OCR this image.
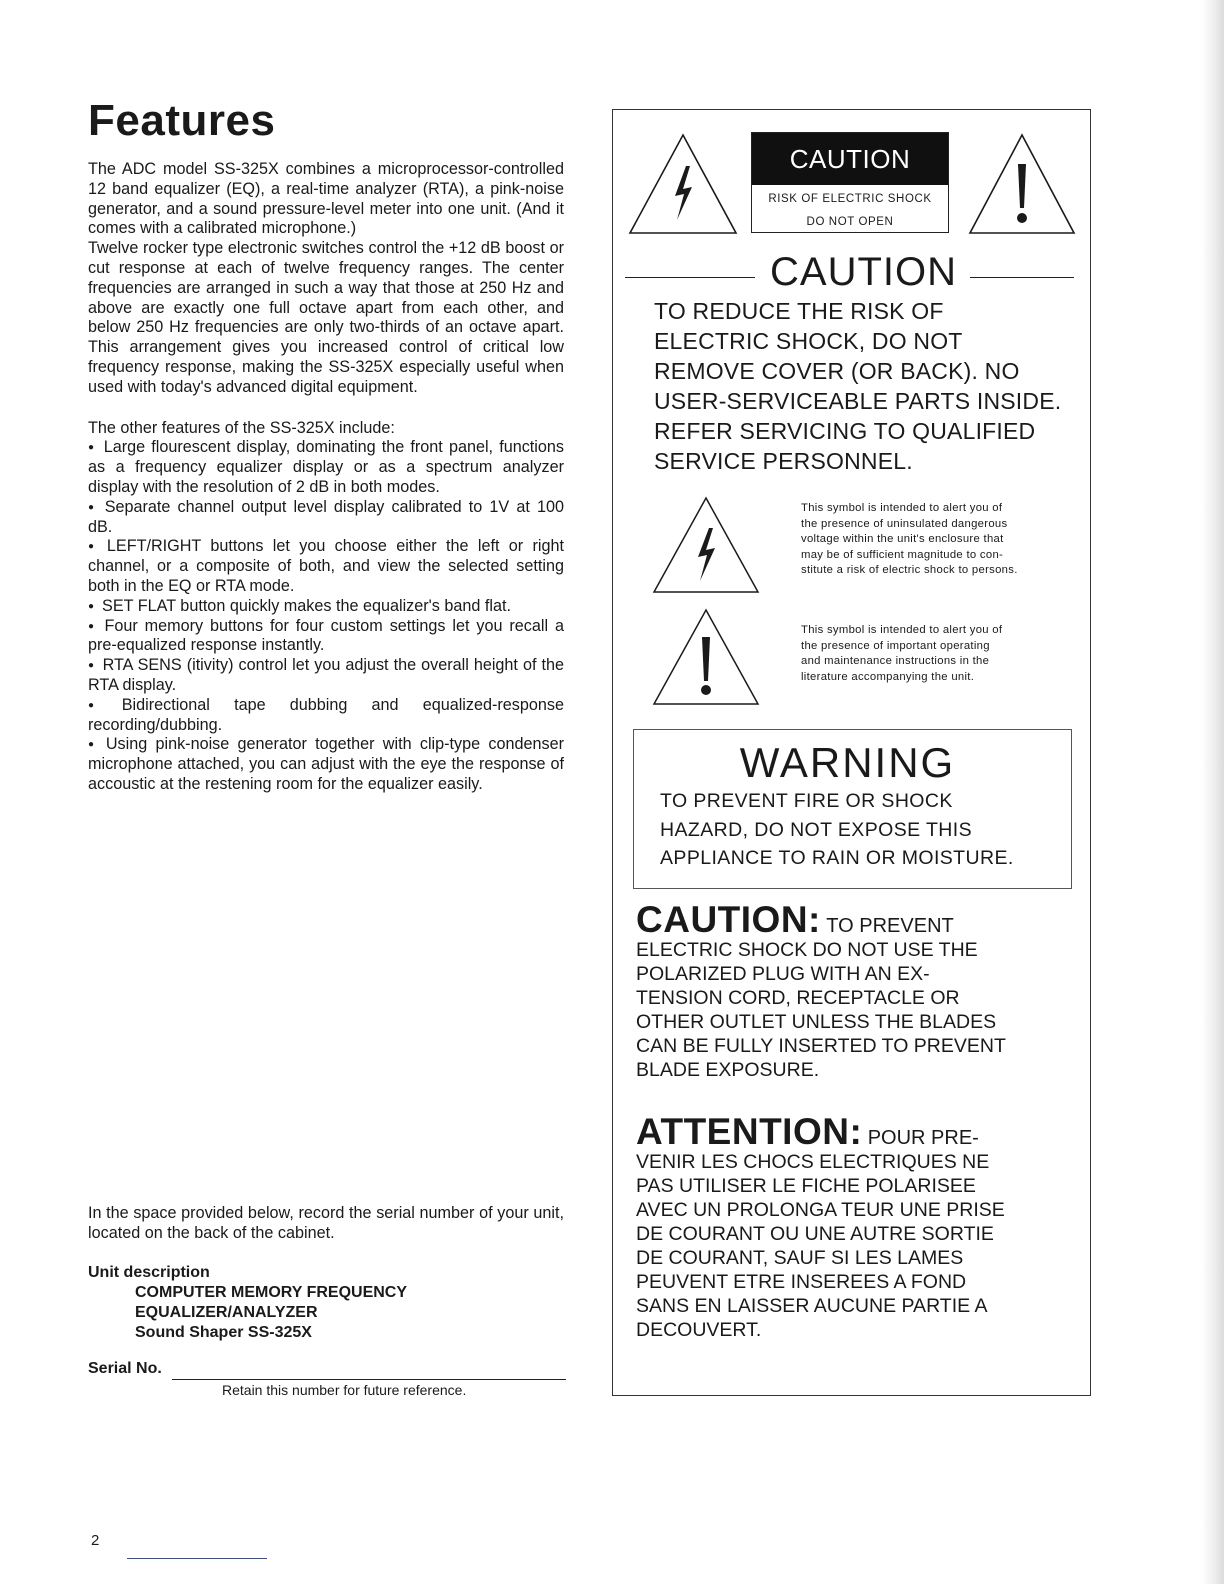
Features

The ADC model SS-325X combines a microprocessor-controlled 12 band equalizer (EQ), a real-time analyzer (RTA), a pink-noise generator, and a sound pressure-level meter into one unit. (And it comes with a calibrated microphone.)

Twelve rocker type electronic switches control the +12 dB boost or cut response at each of twelve frequency ranges. The center frequencies are arranged in such a way that those at 250 Hz and above are exactly one full octave apart from each other, and below 250 Hz frequencies are only two-thirds of an octave apart. This arrangement gives you increased control of critical low frequency response, making the SS-325X especially useful when used with today's advanced digital equipment.

The other features of the SS-325X include:

● Large flourescent display, dominating the front panel, functions as a frequency equalizer display or as a spectrum analyzer display with the resolution of 2 dB in both modes.

● Separate channel output level display calibrated to 1V at 100 dB.

● LEFT/RIGHT buttons let you choose either the left or right channel, or a composite of both, and view the selected setting both in the EQ or RTA mode.

● SET FLAT button quickly makes the equalizer's band flat.

● Four memory buttons for four custom settings let you recall a pre-equalized response instantly.

● RTA SENS (itivity) control let you adjust the overall height of the RTA display.

● Bidirectional tape dubbing and equalized-response recording/dubbing.

● Using pink-noise generator together with clip-type condenser microphone attached, you can adjust with the eye the response of accoustic at the restening room for the equalizer easily.

In the space provided below, record the serial number of your unit, located on the back of the cabinet.

Unit description
COMPUTER MEMORY FREQUENCY
EQUALIZER/ANALYZER
Sound Shaper SS-325X
Serial No.
Retain this number for future reference.
2
CAUTION
RISK OF ELECTRIC SHOCK
DO NOT OPEN
CAUTION
TO REDUCE THE RISK OF
ELECTRIC SHOCK, DO NOT
REMOVE COVER (OR BACK). NO
USER-SERVICEABLE PARTS INSIDE.
REFER SERVICING TO QUALIFIED
SERVICE PERSONNEL.
This symbol is intended to alert you of
the presence of uninsulated dangerous
voltage within the unit's enclosure that
may be of sufficient magnitude to con-
stitute a risk of electric shock to persons.
This symbol is intended to alert you of
the presence of important operating
and maintenance instructions in the
literature accompanying the unit.
WARNING
TO PREVENT FIRE OR SHOCK
HAZARD, DO NOT EXPOSE THIS
APPLIANCE TO RAIN OR MOISTURE.
CAUTION: TO PREVENT
ELECTRIC SHOCK DO NOT USE THE
POLARIZED PLUG WITH AN EX-
TENSION CORD, RECEPTACLE OR
OTHER OUTLET UNLESS THE BLADES
CAN BE FULLY INSERTED TO PREVENT
BLADE EXPOSURE.
ATTENTION: POUR PRE-
VENIR LES CHOCS ELECTRIQUES NE
PAS UTILISER LE FICHE POLARISEE
AVEC UN PROLONGA TEUR UNE PRISE
DE COURANT OU UNE AUTRE SORTIE
DE COURANT, SAUF SI LES LAMES
PEUVENT ETRE INSEREES A FOND
SANS EN LAISSER AUCUNE PARTIE A
DECOUVERT.
